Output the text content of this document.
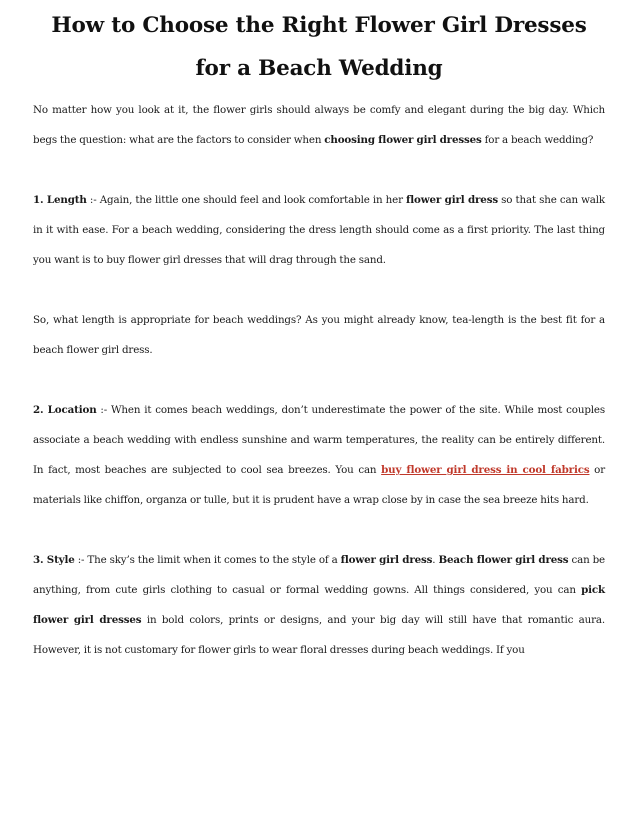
How to Choose the Right Flower Girl Dresses for a Beach Wedding

No matter how you look at it, the flower girls should always be comfy and elegant during the big day. Which begs the question: what are the factors to consider when choosing flower girl dresses for a beach wedding?

1. Length :- Again, the little one should feel and look comfortable in her flower girl dress so that she can walk in it with ease. For a beach wedding, considering the dress length should come as a first priority. The last thing you want is to buy flower girl dresses that will drag through the sand.

So, what length is appropriate for beach weddings? As you might already know, tea-length is the best fit for a beach flower girl dress.

2. Location :- When it comes beach weddings, don’t underestimate the power of the site. While most couples associate a beach wedding with endless sunshine and warm temperatures, the reality can be entirely different. In fact, most beaches are subjected to cool sea breezes. You can buy flower girl dress in cool fabrics or materials like chiffon, organza or tulle, but it is prudent have a wrap close by in case the sea breeze hits hard.

3. Style :- The sky’s the limit when it comes to the style of a flower girl dress. Beach flower girl dress can be anything, from cute girls clothing to casual or formal wedding gowns. All things considered, you can pick flower girl dresses in bold colors, prints or designs, and your big day will still have that romantic aura. However, it is not customary for flower girls to wear floral dresses during beach weddings. If you
